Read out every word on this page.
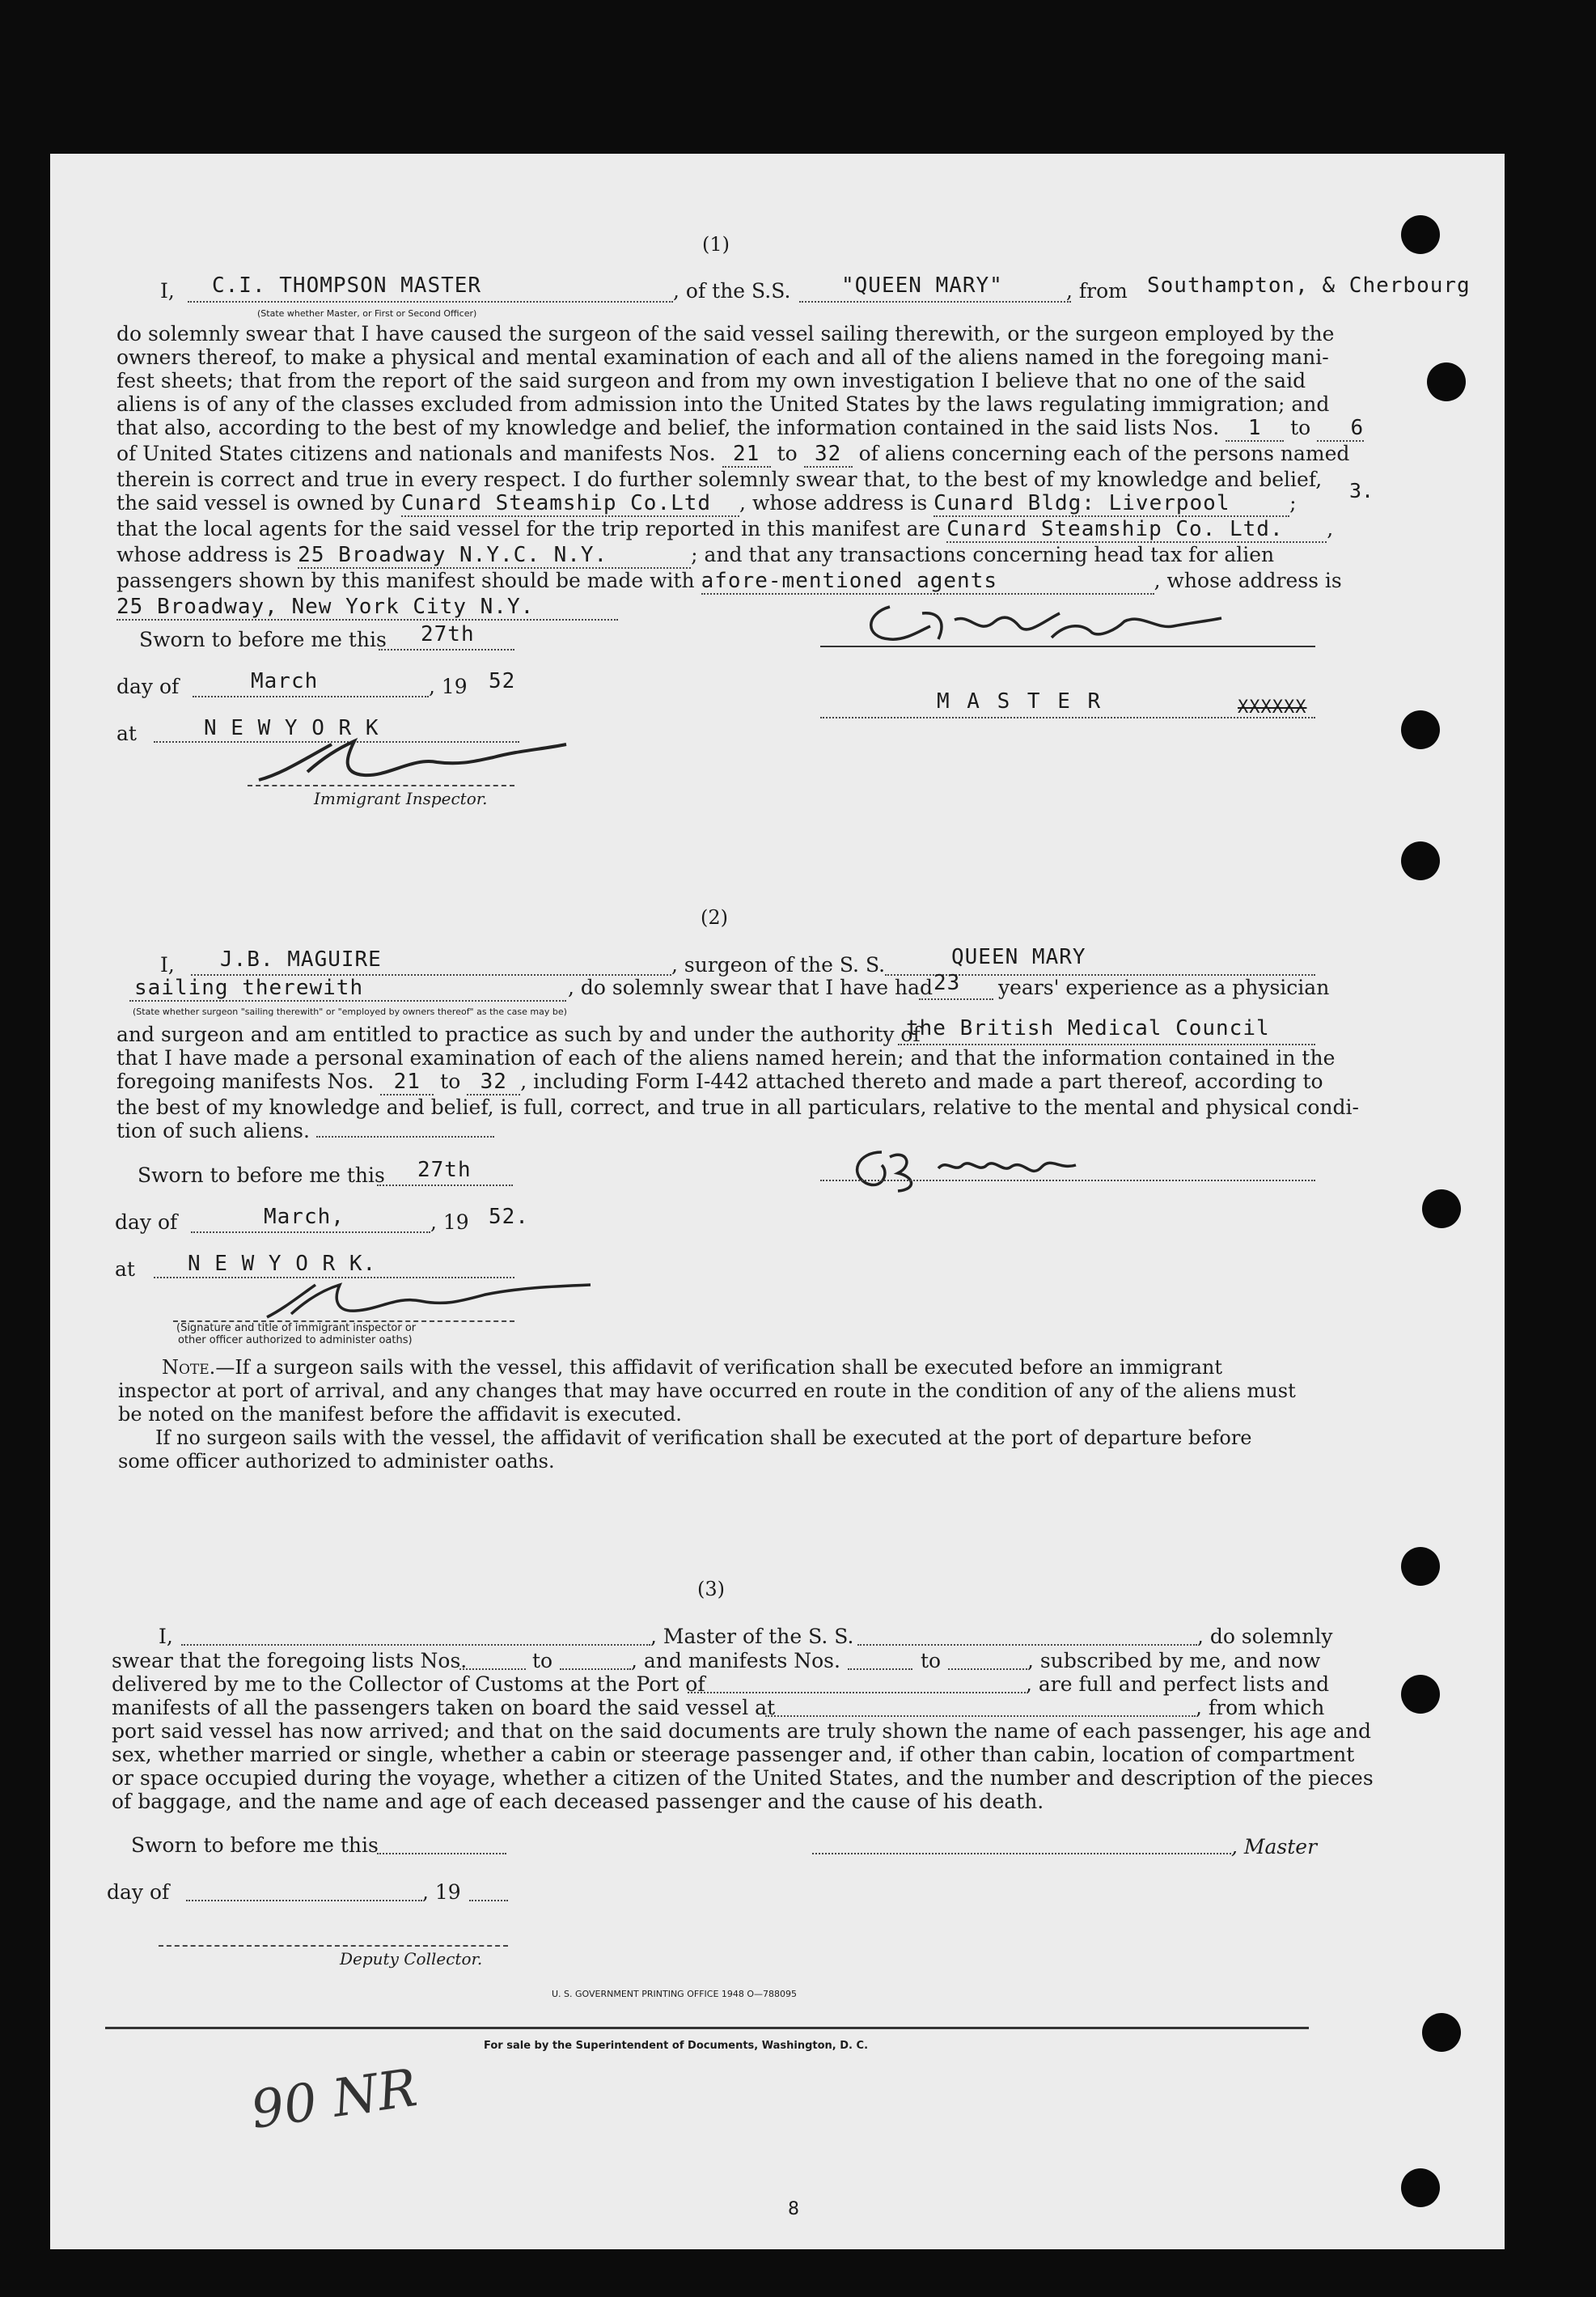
(1)
I, C.I. THOMPSON MASTER
(State whether Master, or First or Second Officer)
, of the S.S. "QUEEN MARY"	, from Southampton, & Cherbourg
do solemnly swear that I have caused the surgeon of the said vessel sailing therewith, or the surgeon employed by the
owners thereof, to make a physical and mental examination of each and all of the aliens named in the foregoing mani-
fest sheets; that from the report of the said surgeon and from my own investigation I believe that no one of the said
aliens is of any of the classes excluded from admission into the United States by the laws regulating immigration; and
that also, according to the best of my knowledge and belief, the information contained in the said lists Nos. 1 to 6
of United States citizens and nationals and manifests Nos. 21 to 32 of aliens concerning each of the persons named
therein is correct and true in every respect. I do further solemnly swear that, to the best of my knowledge and belief,
the said vessel is owned by Cunard Steamship Co.Ltd , whose address is Cunard Bldg: Liverpool	;
that the local agents for the said vessel for the trip reported in this manifest are Cunard Steamship Co. Ltd. ,
whose address is 25 Broadway N.Y.C. N.Y.	; and that any transactions concerning head tax for alien
passengers shown by this manifest should be made with afore-mentioned agents	, whose address is
25 Broadway, New York City N.Y.
3.
Sworn to before me this 27th
day of	March	, 19 52
at	N E W Y O R K
Immigrant Inspector.
M A S T E R	XXXXXX
(2)
I, J.B. MAGUIRE	, surgeon of the S. S.	QUEEN MARY
sailing therewith
(State whether surgeon "sailing therewith" or "employed by owners thereof" as the case may be)
, do solemnly swear that I have had 23 years' experience as a physician
and surgeon and am entitled to practice as such by and under the authority of
the British Medical Council
that I have made a personal examination of each of the aliens named herein; and that the information contained in the
foregoing manifests Nos. 21 to 32 , including Form I-442 attached thereto and made a part thereof, according to
the best of my knowledge and belief, is full, correct, and true in all particulars, relative to the mental and physical condi-
tion of such aliens.
Sworn to before me this 27th
day of	March,	, 19 52.
at	N E W Y O R K.
(Signature and title of immigrant inspector or
other officer authorized to administer oaths)
Note.—If a surgeon sails with the vessel, this affidavit of verification shall be executed before an immigrant
inspector at port of arrival, and any changes that may have occurred en route in the condition of any of the aliens must
be noted on the manifest before the affidavit is executed.
If no surgeon sails with the vessel, the affidavit of verification shall be executed at the port of departure before
some officer authorized to administer oaths.
(3)
I,	, Master of the S. S.	, do solemnly
swear that the foregoing lists Nos.	to	, and manifests Nos.	to	, subscribed by me, and now
delivered by me to the Collector of Customs at the Port of	, are full and perfect lists and
manifests of all the passengers taken on board the said vessel at	, from which
port said vessel has now arrived; and that on the said documents are truly shown the name of each passenger, his age and
sex, whether married or single, whether a cabin or steerage passenger and, if other than cabin, location of compartment
or space occupied during the voyage, whether a citizen of the United States, and the number and description of the pieces
of baggage, and the name and age of each deceased passenger and the cause of his death.
Sworn to before me this	, Master
day of	, 19
Deputy Collector.
U. S. GOVERNMENT PRINTING OFFICE 1948 O—788095
For sale by the Superintendent of Documents, Washington, D. C.
90 NR
8
